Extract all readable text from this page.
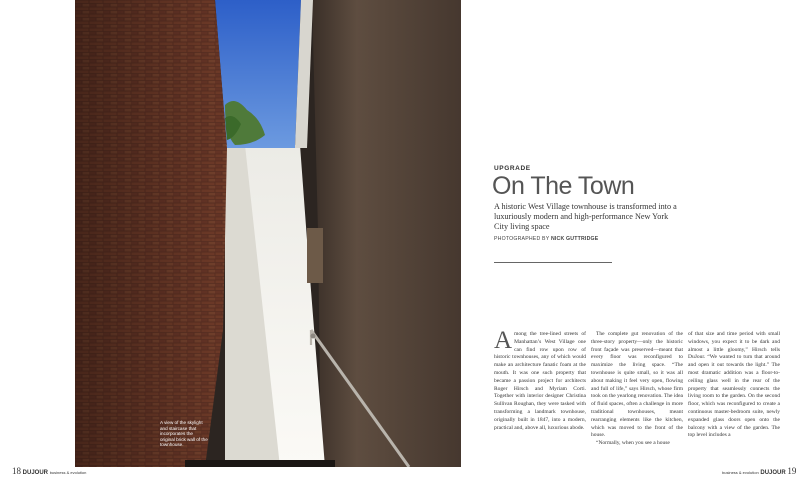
A view of the skylight and staircase that incorporates the original brick wall of the townhouse.
18 DUJOUR business & evolution
UPGRADE
On The Town
A historic West Village townhouse is transformed into a luxuriously modern and high-performance New York City living space
PHOTOGRAPHED BY NICK GUTTRIDGE

Among the tree-lined streets of Manhattan’s West Village one can find row upon row of historic townhouses, any of which would make an architecture fanatic foam at the mouth. It was one such property that became a passion project for architects Roger Hirsch and Myriam Corti. Together with interior designer Christina Sullivan Roughan, they were tasked with transforming a landmark townhouse, originally built in 1847, into a modern, practical and, above all, luxurious abode.

The complete gut renovation of the three-story property—only the historic front façade was preserved—meant that every floor was reconfigured to maximize the living space. “The townhouse is quite small, so it was all about making it feel very open, flowing and full of life,” says Hirsch, whose firm took on the yearlong renovation. The idea of fluid spaces, often a challenge in more traditional townhouses, meant rearranging elements like the kitchen, which was moved to the front of the house.

“Normally, when you see a house

of that size and time period with small windows, you expect it to be dark and almost a little gloomy,” Hirsch tells DuJour. “We wanted to turn that around and open it out towards the light.” The most dramatic addition was a floor-to-ceiling glass well in the rear of the property that seamlessly connects the living room to the garden. On the second floor, which was reconfigured to create a continuous master-bedroom suite, newly expanded glass doors open onto the balcony with a view of the garden. The top level includes a

business & evolution DUJOUR 19
